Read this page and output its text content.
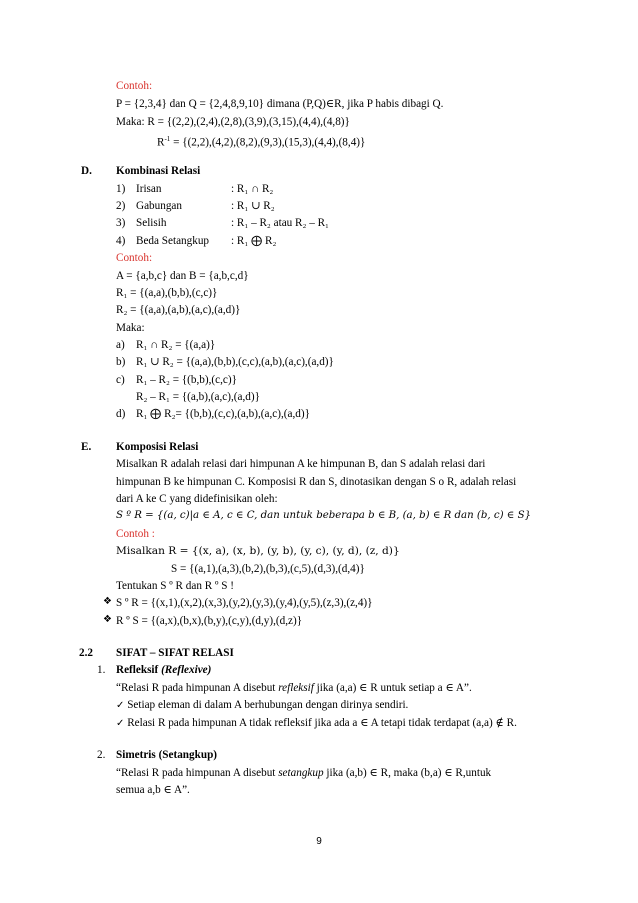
Contoh:
P = {2,3,4} dan Q = {2,4,8,9,10} dimana (P,Q)∈R, jika P habis dibagi Q.
Maka: R = {(2,2),(2,4),(2,8),(3,9),(3,15),(4,4),(4,8)}
$R^{-1} = \{(2,2),(4,2),(8,2),(9,3),(15,3),(4,4),(8,4)\}$
D. Kombinasi Relasi
1) Irisan	: R₁ ∩ R₂
2) Gabungan	: R₁ ∪ R₂
3) Selisih	: R₁ – R₂ atau R₂ – R₁
4) Beda Setangkup : R₁ ⨁ R₂
Contoh:
A = {a,b,c} dan B = {a,b,c,d}
R₁ = {(a,a),(b,b),(c,c)}
R₂ = {(a,a),(a,b),(a,c),(a,d)}
Maka:
a)	R₁ ∩ R₂ = {(a,a)}
b) R₁ ∪ R₂ = {(a,a),(b,b),(c,c),(a,b),(a,c),(a,d)}
c)	R₁ – R₂ = {(b,b),(c,c)}
R₂ – R₁ = {(a,b),(a,c),(a,d)}
d) R₁ ⨁ R₂= {(b,b),(c,c),(a,b),(a,c),(a,d)}
E. Komposisi Relasi
Misalkan R adalah relasi dari himpunan A ke himpunan B, dan S adalah relasi dari
himpunan B ke himpunan C. Komposisi R dan S, dinotasikan dengan S o R, adalah relasi
dari A ke C yang didefinisikan oleh:
S º R = {(a, c)|a ∈ A, c ∈ C, dan untuk beberapa b ∈ B, (a, b) ∈ R dan (b, c) ∈ S}
Contoh :
Misalkan R = {(x, a), (x, b), (y, b), (y, c), (y, d), (z, d)}
S = {(a,1),(a,3),(b,2),(b,3),(c,5),(d,3),(d,4)}
Tentukan S º R dan R º S !
❖ S º R = {(x,1),(x,2),(x,3),(y,2),(y,3),(y,4),(y,5),(z,3),(z,4)}
❖ R º S = {(a,x),(b,x),(b,y),(c,y),(d,y),(d,z)}
2.2 SIFAT – SIFAT RELASI
1. Refleksif (Reflexive)
“Relasi R pada himpunan A disebut refleksif jika (a,a) ∈ R untuk setiap a ∈ A”.
✓ Setiap eleman di dalam A berhubungan dengan dirinya sendiri.
✓ Relasi R pada himpunan A tidak refleksif jika ada a ∈ A tetapi tidak terdapat (a,a) ∉ R.
2. Simetris (Setangkup)
“Relasi R pada himpunan A disebut setangkup jika (a,b) ∈ R, maka (b,a) ∈ R,untuk
semua a,b ∈ A”.
9
